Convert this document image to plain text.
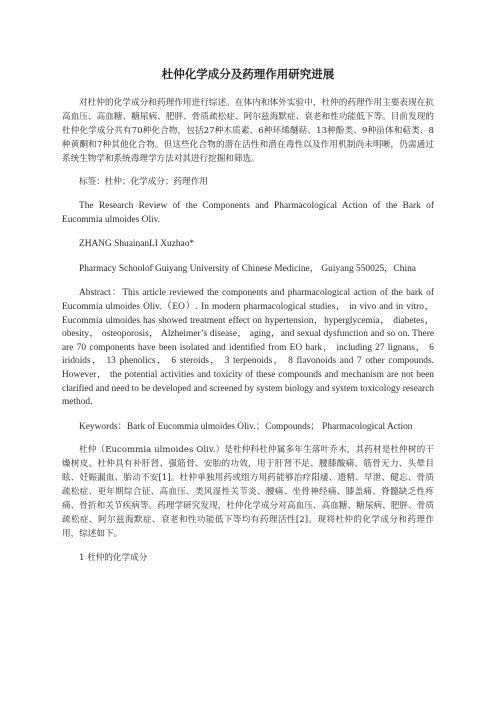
杜仲化学成分及药理作用研究进展

对杜仲的化学成分和药理作用进行综述。在体内和体外实验中，杜仲的药理作用主要表现在抗高血压、高血糖、糖尿病、肥胖、骨质疏松症、阿尔兹海默症、衰老和性功能低下等。目前发现的杜仲化学成分共有70种化合物，包括27种木质素、6种环烯醚萜、13种酚类、9种甾体和萜类、8种黄酮和7种其他化合物。但这些化合物的潜在活性和潜在毒性以及作用机制尚未明晰，仍需通过系统生物学和系统毒理学方法对其进行挖掘和筛选。

标签：杜仲；化学成分；药理作用

The Research Review of the Components and Pharmacological Action of the Bark of Eucommia ulmoides Oliv.

ZHANG ShuainanLI Xuzhao*

Pharmacy Schoolof Guiyang University of Chinese Medicine， Guiyang 550025，China

Abstract：This article reviewed the components and pharmacological action of the bark of Eucommia ulmoides Oliv.（EO）. In modern pharmacological studies， in vivo and in vitro，Eucommia ulmoides has showed treatment effect on hypertension，hyperglycemia， diabetes， obesity， osteoporosis， Alzheimer’s disease， aging，and sexual dysfunction and so on. There are 70 components have been isolated and identified from EO bark， including 27 lignans， 6 iridoids， 13 phenolics， 6 steroids， 3 terpenoids， 8 flavonoids and 7 other compounds. However， the potential activities and toxicity of these compounds and mechanism are not been clarified and need to be developed and screened by system biology and system toxicology research method.

Keywords：Bark of Eucommia ulmoides Oliv.；Compounds； Pharmacological Action

杜仲（Eucommia ulmoides Oliv.）是杜仲科杜仲属多年生落叶乔木，其药材是杜仲树的干燥树皮。杜仲具有补肝肾、强筋骨、安胎的功效，用于肝肾不足、腰膝酸痛、筋骨无力、头晕目眩、妊娠漏血、胎动不安[1]。杜仲单独用药或组方用药能够治疗阳痿、遗精、早泄、健忘、骨质疏松症、更年期综合征、高血压、类风湿性关节炎、腰痛、坐骨神经痛、膝盖痛、脊髓缺乏性疼痛、骨折和关节疾病等。药理学研究发现，杜仲化学成分对高血压、高血糖、糖尿病、肥胖、骨质疏松症、阿尔兹海默症、衰老和性功能低下等均有药理活性[2]。现将杜仲的化学成分和药理作用，综述如下。

1 杜仲的化学成分
